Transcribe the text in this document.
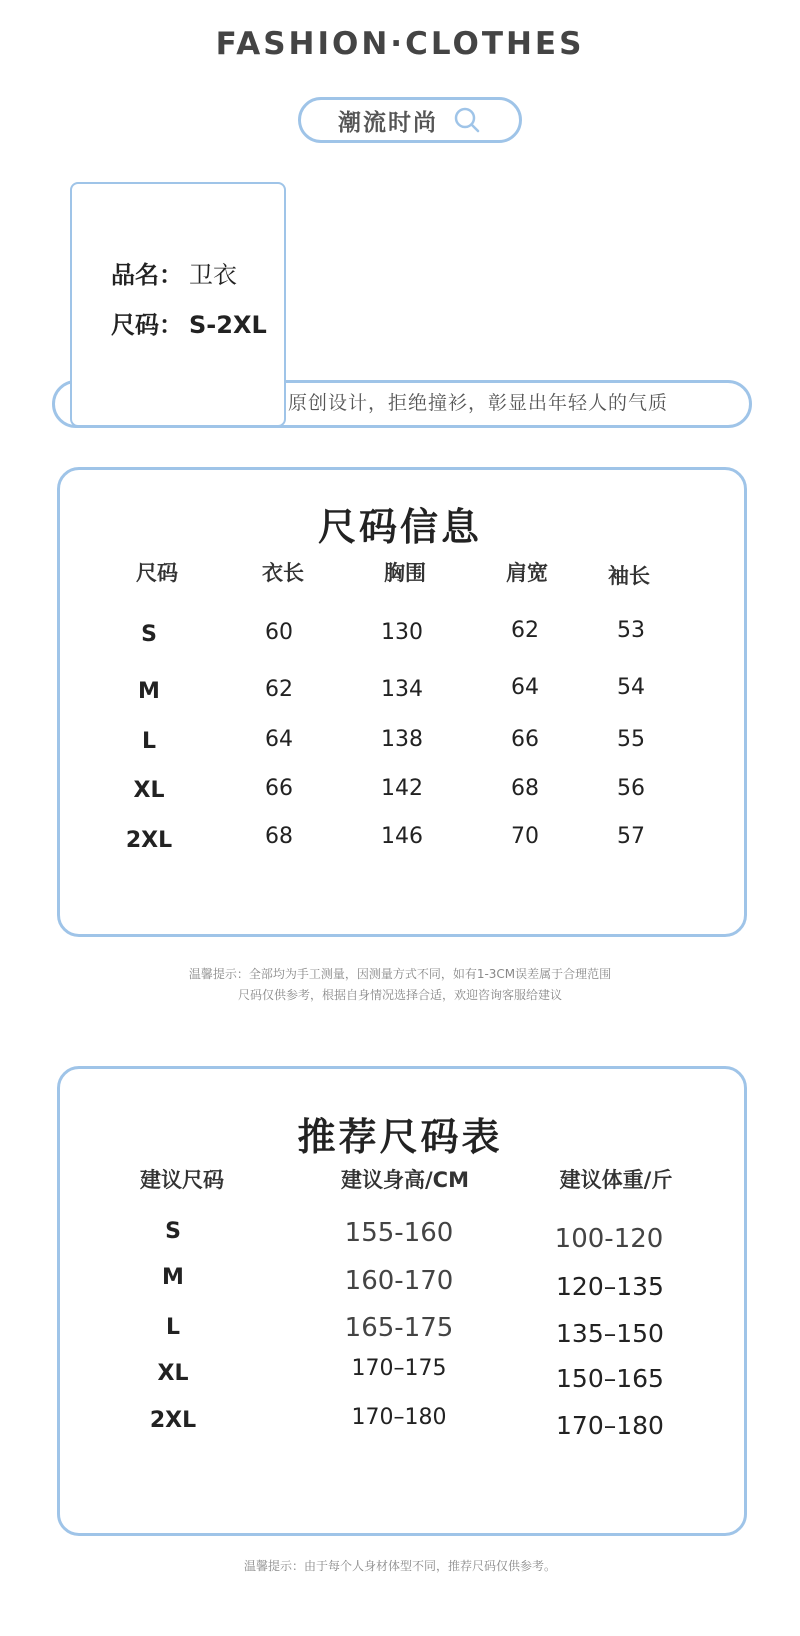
FASHION·CLOTHES
潮流时尚
原创设计，拒绝撞衫，彰显出年轻人的气质
品名： 卫衣
尺码： S-2XL
尺码信息
尺码	衣长	胸围	肩宽	袖长
S	60	130	62	53
M	62	134	64	54
L	64	138	66	55
XL	66	142	68	56
2XL	68	146	70	57
温馨提示：全部均为手工测量，因测量方式不同，如有1-3CM误差属于合理范围
尺码仅供参考，根据自身情况选择合适，欢迎咨询客服给建议
推荐尺码表
建议尺码	建议身高/CM	建议体重/斤
S	155-160	100-120
M	160-170	120–135
L	165-175	135–150
XL	170–175	150–165
2XL	170–180	170–180
温馨提示：由于每个人身材体型不同，推荐尺码仅供参考。
